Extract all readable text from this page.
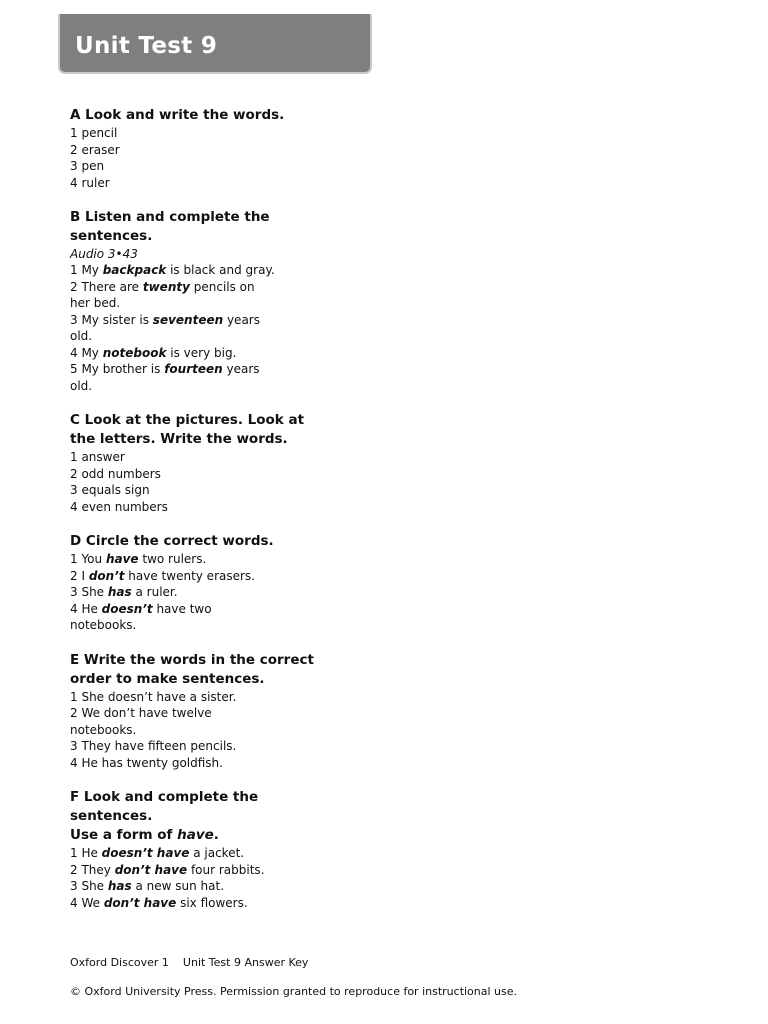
Unit Test 9
A Look and write the words.
1 pencil
2 eraser
3 pen
4 ruler
B Listen and complete the sentences.
Audio 3•43
1 My backpack is black and gray.
2 There are twenty pencils on her bed.
3 My sister is seventeen years old.
4 My notebook is very big.
5 My brother is fourteen years old.
C Look at the pictures. Look at the letters. Write the words.
1 answer
2 odd numbers
3 equals sign
4 even numbers
D Circle the correct words.
1 You have two rulers.
2 I don’t have twenty erasers.
3 She has a ruler.
4 He doesn’t have two notebooks.
E Write the words in the correct order to make sentences.
1 She doesn’t have a sister.
2 We don’t have twelve notebooks.
3 They have fifteen pencils.
4 He has twenty goldfish.
F Look and complete the sentences.
Use a form of have.
1 He doesn’t have a jacket.
2 They don’t have four rabbits.
3 She has a new sun hat.
4 We don’t have six flowers.
Oxford Discover 1 Unit Test 9 Answer Key
© Oxford University Press. Permission granted to reproduce for instructional use.
